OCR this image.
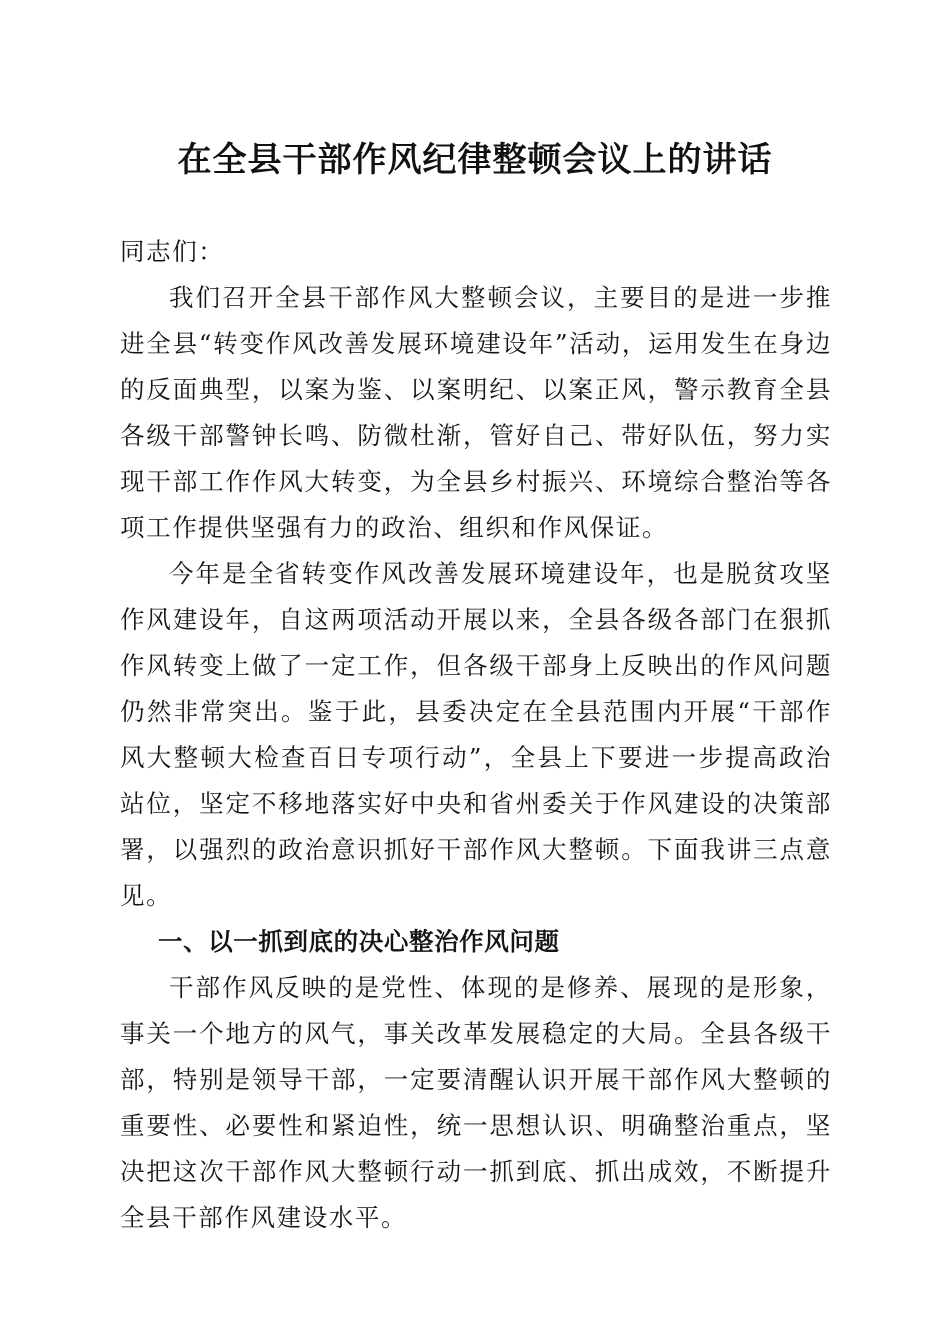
在全县干部作风纪律整顿会议上的讲话

同志们：

我们召开全县干部作风大整顿会议，主要目的是进一步推进全县“转变作风改善发展环境建设年”活动，运用发生在身边的反面典型，以案为鉴、以案明纪、以案正风，警示教育全县各级干部警钟长鸣、防微杜渐，管好自己、带好队伍，努力实现干部工作作风大转变，为全县乡村振兴、环境综合整治等各项工作提供坚强有力的政治、组织和作风保证。

今年是全省转变作风改善发展环境建设年，也是脱贫攻坚作风建设年，自这两项活动开展以来，全县各级各部门在狠抓作风转变上做了一定工作，但各级干部身上反映出的作风问题仍然非常突出。鉴于此，县委决定在全县范围内开展“干部作风大整顿大检查百日专项行动”，全县上下要进一步提高政治站位，坚定不移地落实好中央和省州委关于作风建设的决策部署，以强烈的政治意识抓好干部作风大整顿。下面我讲三点意见。

一、以一抓到底的决心整治作风问题

干部作风反映的是党性、体现的是修养、展现的是形象，事关一个地方的风气，事关改革发展稳定的大局。全县各级干部，特别是领导干部，一定要清醒认识开展干部作风大整顿的重要性、必要性和紧迫性，统一思想认识、明确整治重点，坚决把这次干部作风大整顿行动一抓到底、抓出成效，不断提升全县干部作风建设水平。
